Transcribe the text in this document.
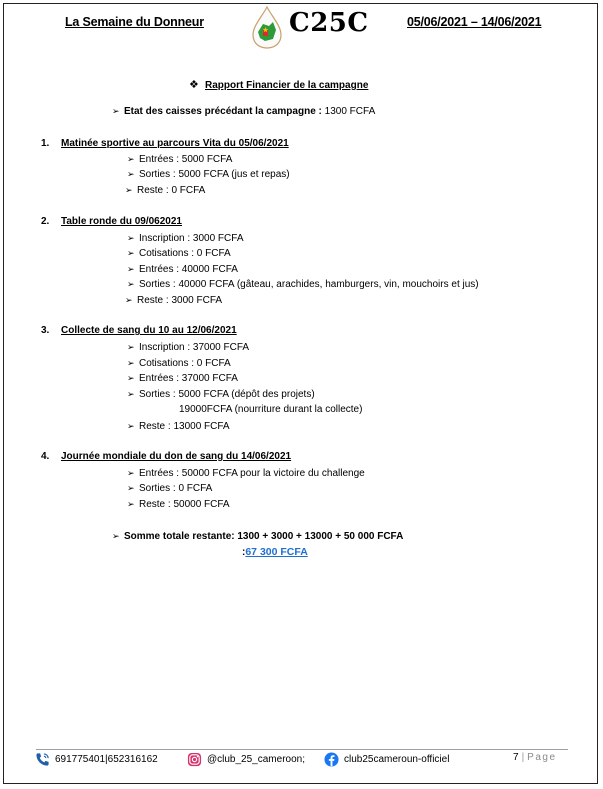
La Semaine du Donneur	C25C	05/06/2021 – 14/06/2021
❖ Rapport Financier de la campagne
➢ Etat des caisses précédant la campagne : 1300 FCFA
1. Matinée sportive au parcours Vita du 05/06/2021
➢ Entrées : 5000 FCFA
➢ Sorties : 5000 FCFA (jus et repas)
➢ Reste : 0 FCFA
2. Table ronde du 09/062021
➢ Inscription : 3000 FCFA
➢ Cotisations : 0 FCFA
➢ Entrées : 40000 FCFA
➢ Sorties : 40000 FCFA (gâteau, arachides, hamburgers, vin, mouchoirs et jus)
➢ Reste : 3000 FCFA
3. Collecte de sang du 10 au 12/06/2021
➢ Inscription : 37000 FCFA
➢ Cotisations : 0 FCFA
➢ Entrées : 37000 FCFA
➢ Sorties : 5000 FCFA (dépôt des projets)
19000FCFA (nourriture durant la collecte)
➢ Reste : 13000 FCFA
4. Journée mondiale du don de sang du 14/06/2021
➢ Entrées : 50000 FCFA pour la victoire du challenge
➢ Sorties : 0 FCFA
➢ Reste : 50000 FCFA
➢ Somme totale restante: 1300 + 3000 + 13000 + 50 000 FCFA
:67 300 FCFA
691775401|652316162	@club_25_cameroon;	club25cameroun-officiel	7 | Page
